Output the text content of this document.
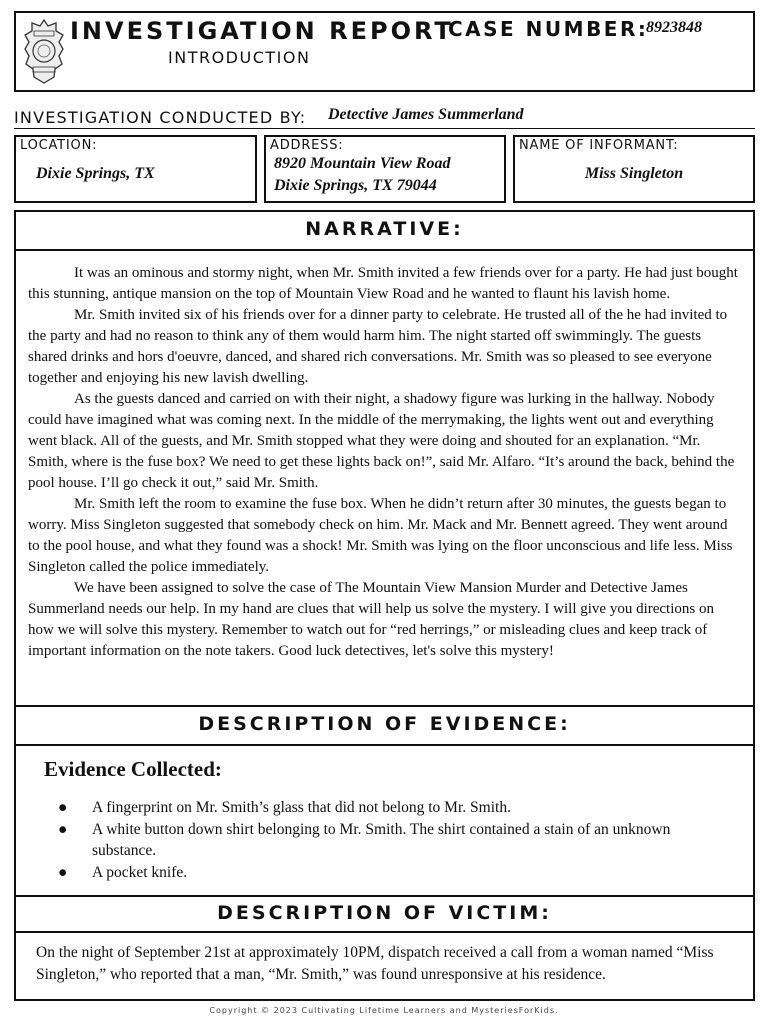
INVESTIGATION REPORT
INTRODUCTION
CASE NUMBER:
8923848
INVESTIGATION CONDUCTED BY: Detective James Summerland
LOCATION:
Dixie Springs, TX
ADDRESS:
8920 Mountain View Road
Dixie Springs, TX 79044
NAME OF INFORMANT:
Miss Singleton
NARRATIVE:

It was an ominous and stormy night, when Mr. Smith invited a few friends over for a party. He had just bought this stunning, antique mansion on the top of Mountain View Road and he wanted to flaunt his lavish home.

Mr. Smith invited six of his friends over for a dinner party to celebrate. He trusted all of the he had invited to the party and had no reason to think any of them would harm him. The night started off swimmingly. The guests shared drinks and hors d'oeuvre, danced, and shared rich conversations. Mr. Smith was so pleased to see everyone together and enjoying his new lavish dwelling.

As the guests danced and carried on with their night, a shadowy figure was lurking in the hallway. Nobody could have imagined what was coming next. In the middle of the merrymaking, the lights went out and everything went black. All of the guests, and Mr. Smith stopped what they were doing and shouted for an explanation. “Mr. Smith, where is the fuse box? We need to get these lights back on!”, said Mr. Alfaro. “It’s around the back, behind the pool house. I’ll go check it out,” said Mr. Smith.

Mr. Smith left the room to examine the fuse box. When he didn’t return after 30 minutes, the guests began to worry. Miss Singleton suggested that somebody check on him. Mr. Mack and Mr. Bennett agreed. They went around to the pool house, and what they found was a shock! Mr. Smith was lying on the floor unconscious and life less. Miss Singleton called the police immediately.

We have been assigned to solve the case of The Mountain View Mansion Murder and Detective James Summerland needs our help. In my hand are clues that will help us solve the mystery. I will give you directions on how we will solve this mystery. Remember to watch out for “red herrings,” or misleading clues and keep track of important information on the note takers. Good luck detectives, let's solve this mystery!

DESCRIPTION OF EVIDENCE:
Evidence Collected:
● A fingerprint on Mr. Smith’s glass that did not belong to Mr. Smith.
● A white button down shirt belonging to Mr. Smith. The shirt contained a stain of an unknown substance.
● A pocket knife.
DESCRIPTION OF VICTIM:
On the night of September 21st at approximately 10PM, dispatch received a call from a woman named “Miss Singleton,” who reported that a man, “Mr. Smith,” was found unresponsive at his residence.
Copyright © 2023 Cultivating Lifetime Learners and MysteriesForKids.
